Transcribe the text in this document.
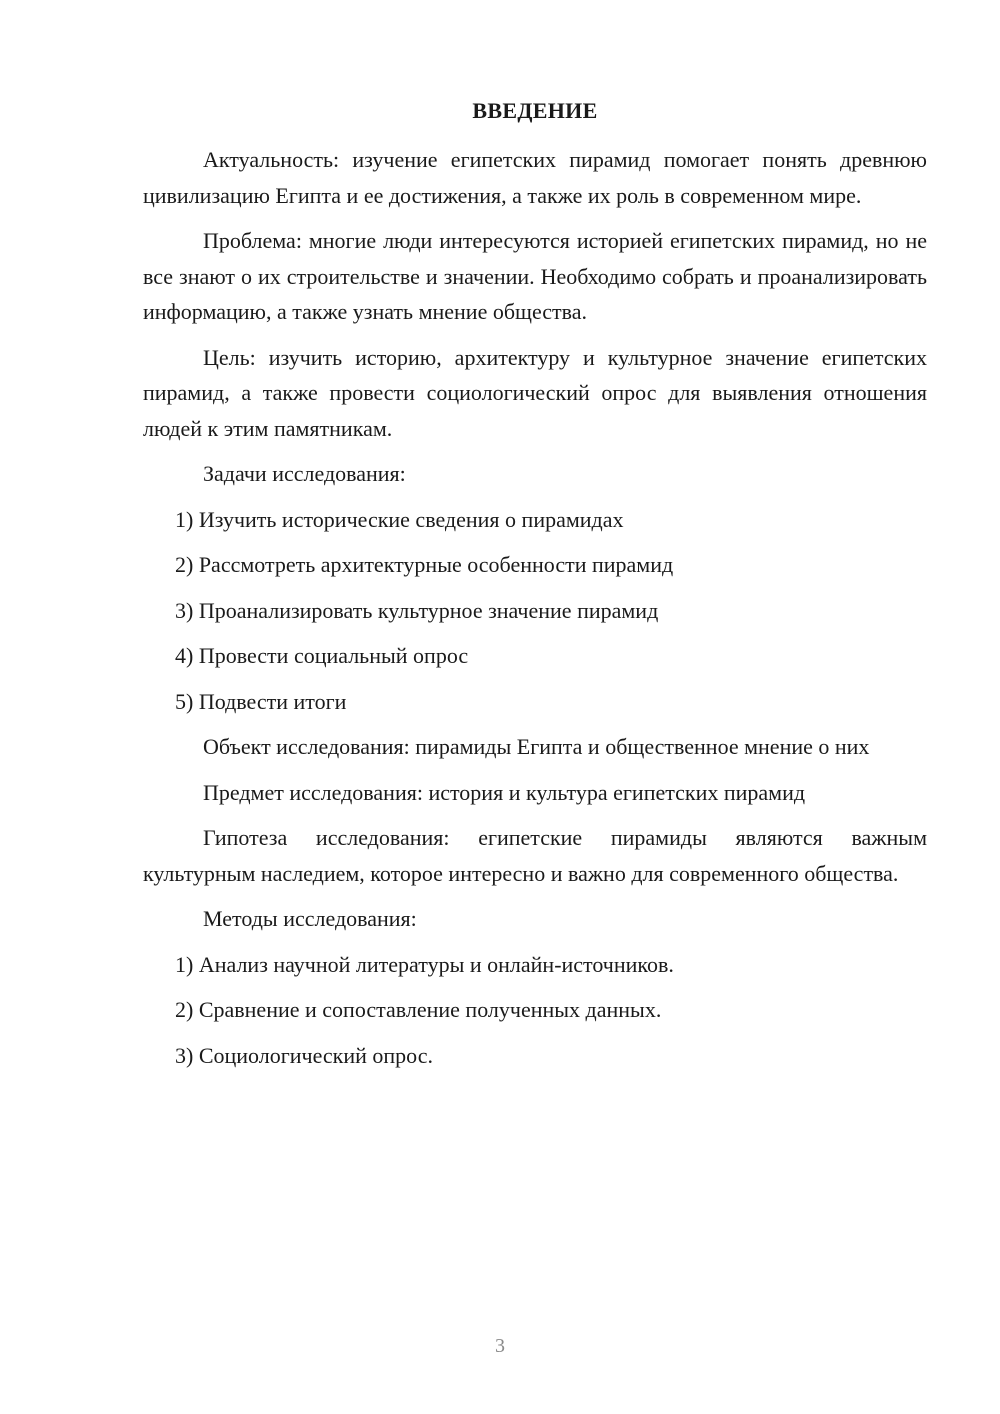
ВВЕДЕНИЕ

Актуальность: изучение египетских пирамид помогает понять древнюю цивилизацию Египта и ее достижения, а также их роль в современном мире.

Проблема: многие люди интересуются историей египетских пирамид, но не все знают о их строительстве и значении. Необходимо собрать и проанализировать информацию, а также узнать мнение общества.

Цель: изучить историю, архитектуру и культурное значение египетских пирамид, а также провести социологический опрос для выявления отношения людей к этим памятникам.

Задачи исследования:

1) Изучить исторические сведения о пирамидах

2) Рассмотреть архитектурные особенности пирамид

3) Проанализировать культурное значение пирамид

4) Провести социальный опрос

5) Подвести итоги

Объект исследования: пирамиды Египта и общественное мнение о них

Предмет исследования: история и культура египетских пирамид

Гипотеза исследования: египетские пирамиды являются важным культурным наследием, которое интересно и важно для современного общества.

Методы исследования:

1) Анализ научной литературы и онлайн-источников.

2) Сравнение и сопоставление полученных данных.

3) Социологический опрос.

3
